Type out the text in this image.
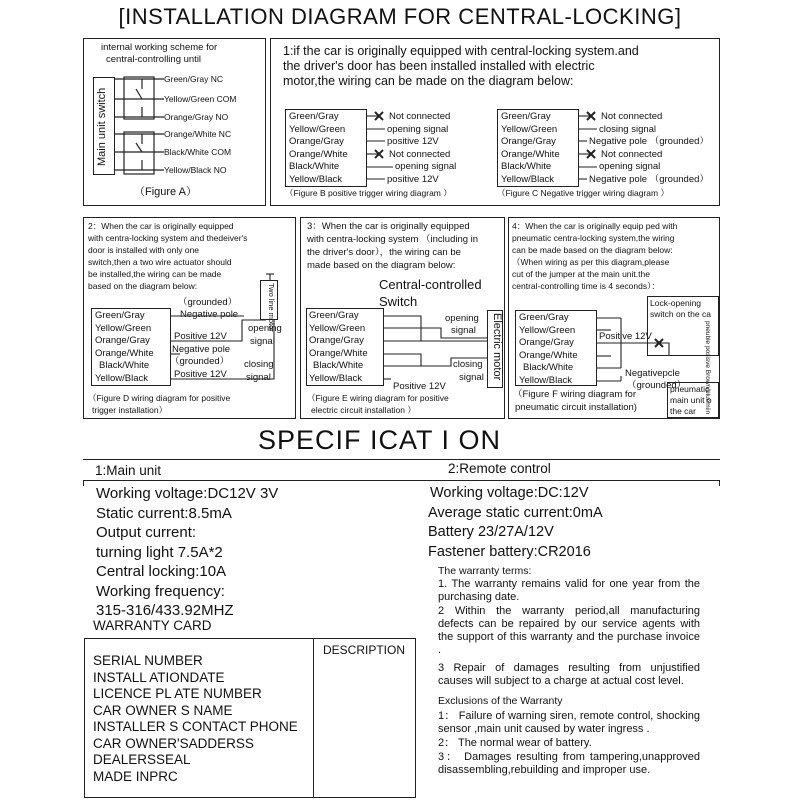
[INSTALLATION DIAGRAM FOR CENTRAL-LOCKING]
internal working scheme for
central-controlling until
Main unit switch
Green/Gray NC
Yellow/Green COM
Orange/Gray NO
Orange/White NC
Black/White COM
Yellow/Black NO
（Figure A）
1:if the car is originally equipped with central-locking system.and
the driver's door has been installed installed with electric
motor,the wiring can be made on the diagram below:
Green/Gray
Yellow/Green
Orange/Gray
Orange/White
Black/White
Yellow/Black
Not connected
opening signal
positive 12V
Not connected
opening signal
positive 12V
（Figure B positive trigger wiring diagram ）
Green/Gray
Yellow/Green
Orange/Gray
Orange/White
Black/White
Yellow/Black
Not connected
closing signal
Negative pole （grounded）
Not connected
opening signal
Negative pole （grounded）
（Figure C Negative trigger wiring diagram ）
2：When the car is originally equipped
with centra-locking system and thedeiver's
door is installed with only one
switch,then a two wire actuator should
be installed,the wiring can be made
based on the diagram below:
（grounded）
Green/Gray
Yellow/Green
Orange/Gray
Orange/White
Black/White
Yellow/Black
Negative pole
Positive 12V
Negative pole
（grounded）
Positive 12V
Two line motor
opening
signal
closing
signal
（Figure D wiring diagram for positive
trigger installation）
3：When the car is originally equipped
with centra-locking system （including in
the driver's door），the wiring can be
made based on the diagram below:
Central-controlled
Switch
Green/Gray
Yellow/Green
Orange/Gray
Orange/White
Black/White
Yellow/Black
opening
signal
closing
signal
Positive 12V
Electric motor
（Figure E wiring diagram for positive
electric circuit installation ）
4：When the car is originally equip ped with
pneumatic centra-locking system,the wiring
can be made based on the diagram below:
（When wiring as per this diagram,please
cut of the jumper at the main unit.the
central-controlling time is 4 seconds）：
Lock-opening
switch on the ca
pneuble posisve Brown/bluemiin
Green/Gray
Yellow/Green
Orange/Gray
Orange/White
Black/White
Yellow/Black
Positive 12V
Negativepcle
（grounded）
pneumatic
main unit o
the car
（Figure F wiring diagram for
pneumatic circuit installation)
SPECIF ICAT I ON
1:Main unit	2:Remote control
Working voltage:DC12V 3V
Static current:8.5mA
Output current:
turning light 7.5A*2
Central locking:10A
Working frequency:
315-316/433.92MHZ
Working voltage:DC:12V
Average static current:0mA
Battery 23/27A/12V
Fastener battery:CR2016
WARRANTY CARD
DESCRIPTION
SERIAL NUMBER
INSTALL ATIONDATE
LICENCE PL ATE NUMBER
CAR OWNER S NAME
INSTALLER S CONTACT PHONE
CAR OWNER'SADDERSS
DEALERSSEAL
MADE INPRC
The warranty terms:
1. The warranty remains valid for one year from the purchasing date.
2 Within the warranty period,all manufacturing defects can be repaired by our service agents with the support of this warranty and the purchase invoice .
3 Repair of damages resulting from unjustified causes will subject to a charge at actual cost level.
Exclusions of the Warranty
1： Failure of warning siren, remote control, shocking sensor ,main unit caused by water ingress .
2： The normal wear of battery.
3： Damages resulting from tampering,unapproved disassembling,rebuilding and improper use.
